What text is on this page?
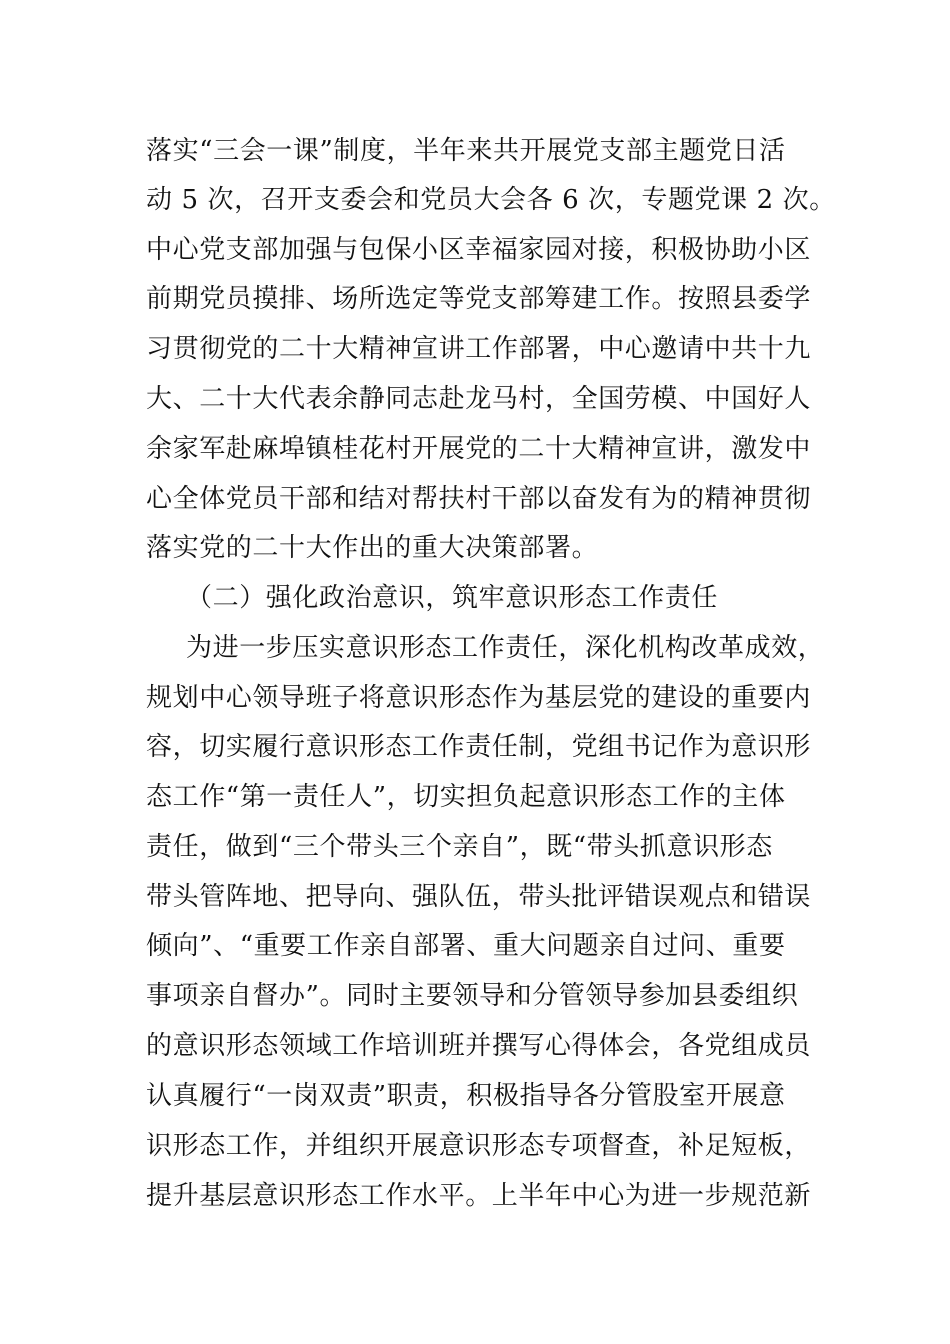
落实“三会一课”制度，半年来共开展党支部主题党日活
动 5 次，召开支委会和党员大会各 6 次，专题党课 2 次。
中心党支部加强与包保小区幸福家园对接，积极协助小区
前期党员摸排、场所选定等党支部筹建工作。按照县委学
习贯彻党的二十大精神宣讲工作部署，中心邀请中共十九
大、二十大代表余静同志赴龙马村，全国劳模、中国好人
余家军赴麻埠镇桂花村开展党的二十大精神宣讲，激发中
心全体党员干部和结对帮扶村干部以奋发有为的精神贯彻
落实党的二十大作出的重大决策部署。
（二）强化政治意识，筑牢意识形态工作责任
为进一步压实意识形态工作责任，深化机构改革成效，
规划中心领导班子将意识形态作为基层党的建设的重要内
容，切实履行意识形态工作责任制，党组书记作为意识形
态工作“第一责任人”，切实担负起意识形态工作的主体
责任，做到“三个带头三个亲自”，既“带头抓意识形态
带头管阵地、把导向、强队伍，带头批评错误观点和错误
倾向”、“重要工作亲自部署、重大问题亲自过问、重要
事项亲自督办”。同时主要领导和分管领导参加县委组织
的意识形态领域工作培训班并撰写心得体会，各党组成员
认真履行“一岗双责”职责，积极指导各分管股室开展意
识形态工作，并组织开展意识形态专项督查，补足短板，
提升基层意识形态工作水平。上半年中心为进一步规范新
